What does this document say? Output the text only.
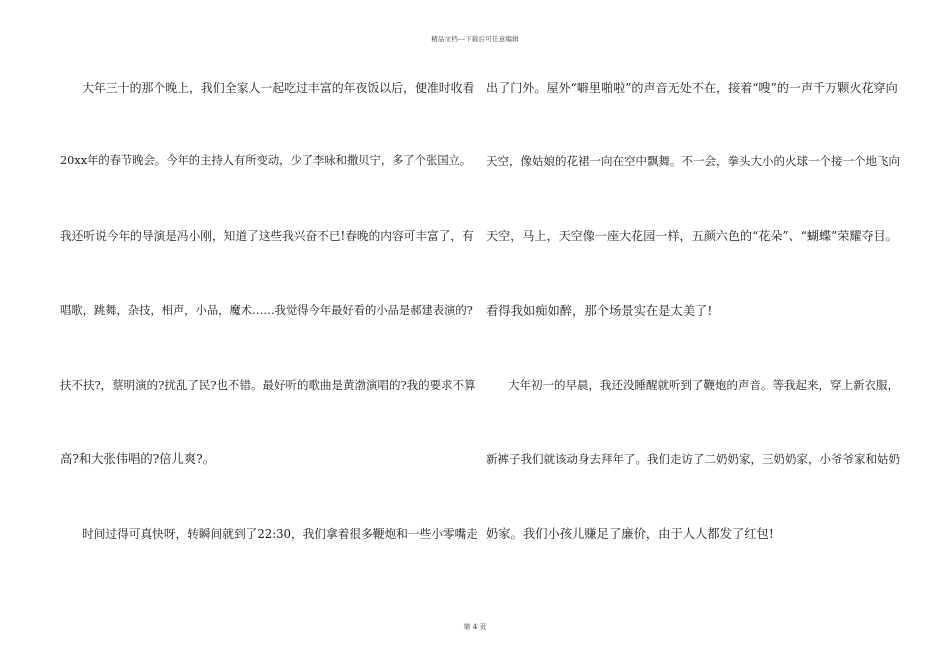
精品文档---下载后可任意编辑
大年三十的那个晚上，我们全家人一起吃过丰富的年夜饭以后，便准时收看
20xx年的春节晚会。今年的主持人有所变动，少了李咏和撒贝宁，多了个张国立。
我还听说今年的导演是冯小刚，知道了这些我兴奋不已!春晚的内容可丰富了，有
唱歌，跳舞，杂技，相声，小品，魔术……我觉得今年最好看的小品是郝建表演的?
扶不扶?，蔡明演的?扰乱了民?也不错。最好听的歌曲是黄渤演唱的?我的要求不算
高?和大张伟唱的?倍儿爽?。
时间过得可真快呀，转瞬间就到了22:30，我们拿着很多鞭炮和一些小零嘴走
出了门外。屋外“噼里啪啦”的声音无处不在，接着“嗖”的一声千万颗火花穿向
天空，像姑娘的花裙一向在空中飘舞。不一会，拳头大小的火球一个接一个地飞向
天空，马上，天空像一座大花园一样，五颜六色的“花朵”、“蝴蝶”荣耀夺目。
看得我如痴如醉，那个场景实在是太美了!
大年初一的早晨，我还没睡醒就听到了鞭炮的声音。等我起来，穿上新衣服，
新裤子我们就该动身去拜年了。我们走访了二奶奶家，三奶奶家，小爷爷家和姑奶
奶家。我们小孩儿赚足了廉价，由于人人都发了红包!
第 4 页
